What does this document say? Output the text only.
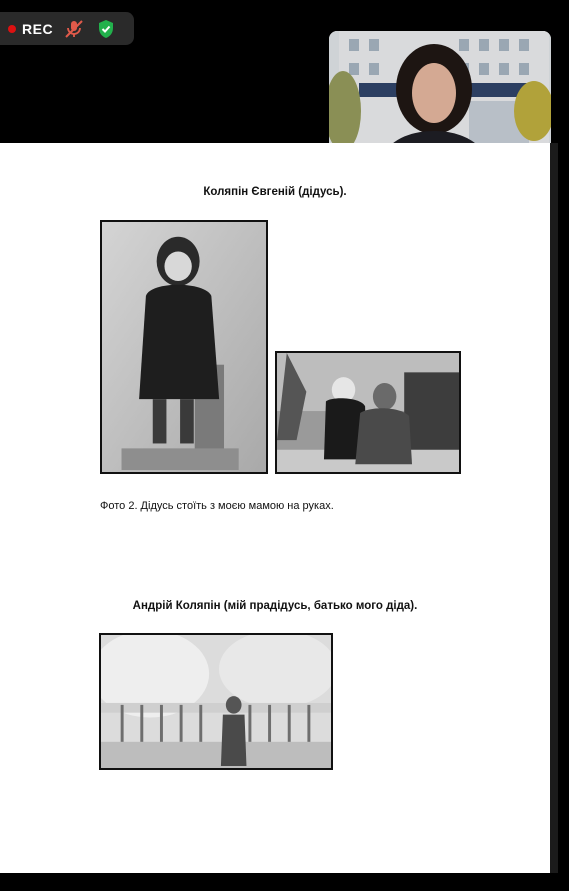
REC
Коляпін Євгеній (дідусь).
Фото 2. Дідусь стоїть з моєю мамою на руках.
Андрій Коляпін (мій прадідусь, батько мого діда).
